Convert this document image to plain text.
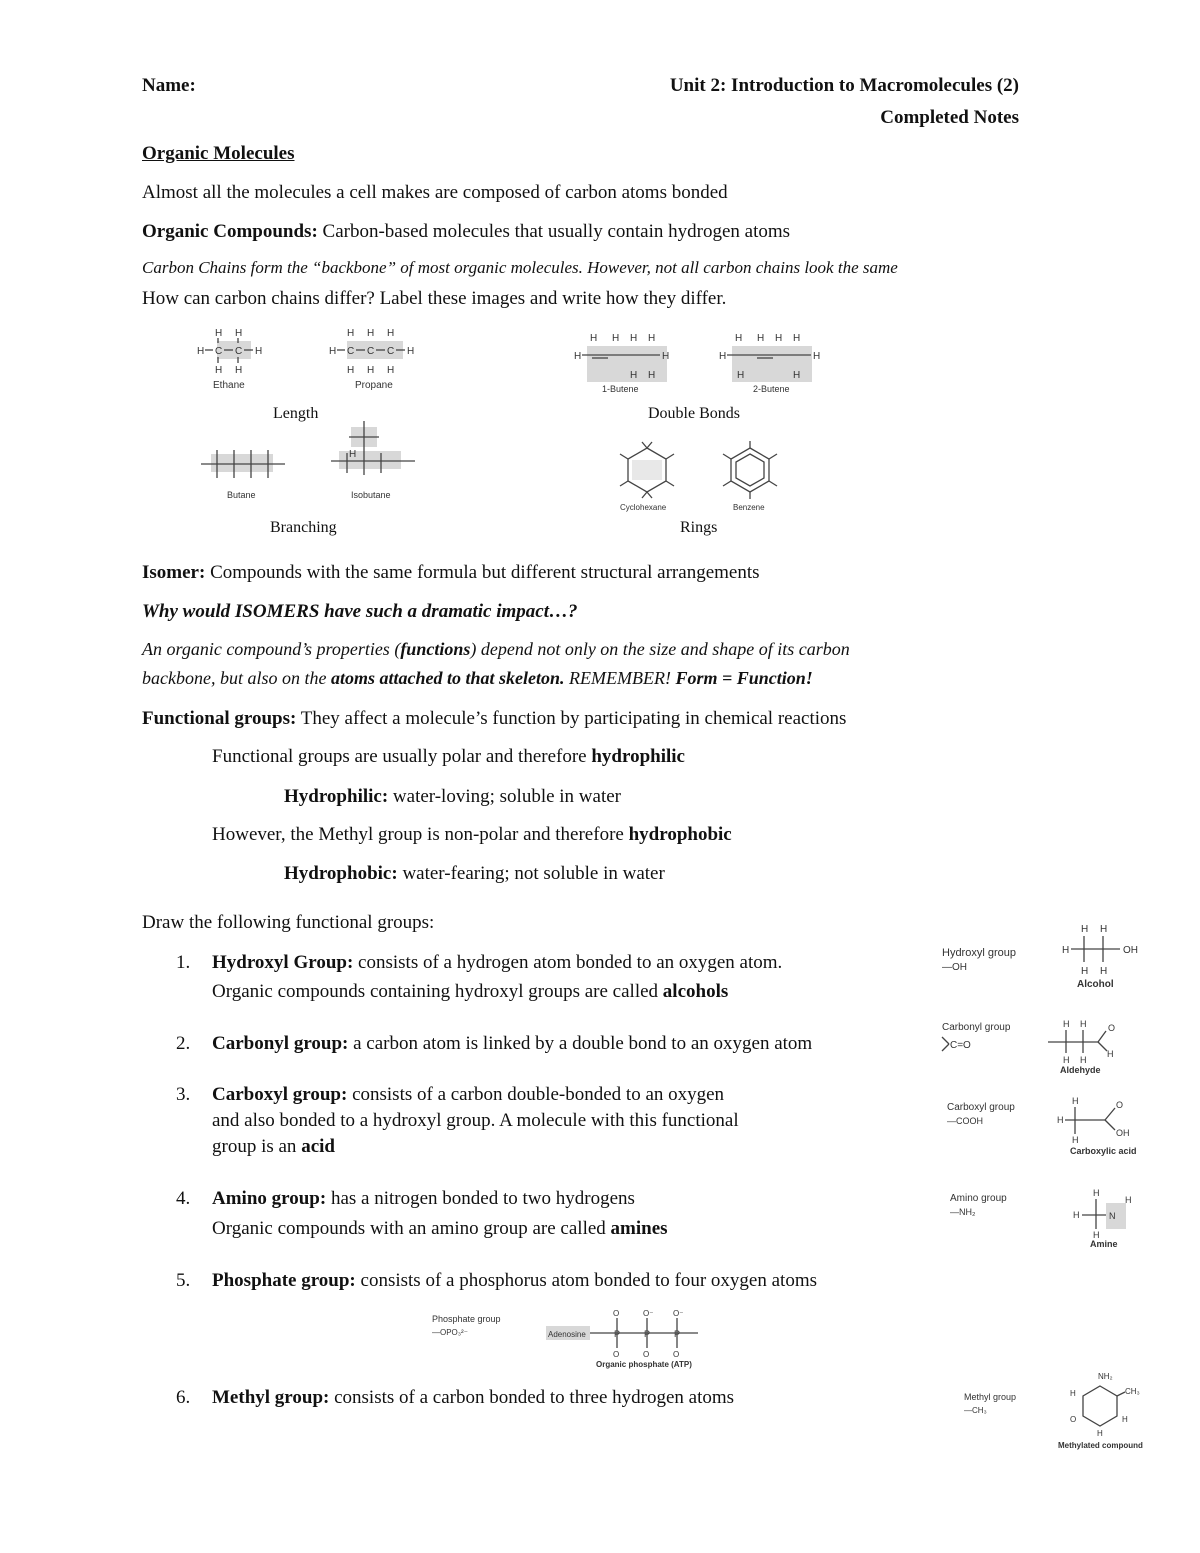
Name:	Unit 2: Introduction to Macromolecules (2)
Completed Notes
Organic Molecules
Almost all the molecules a cell makes are composed of carbon atoms bonded
Organic Compounds: Carbon-based molecules that usually contain hydrogen atoms
Carbon Chains form the “backbone” of most organic molecules. However, not all carbon chains look the same
How can carbon chains differ? Label these images and write how they differ.
H H
H C C H
H H
Ethane
H H H
H C C C H
H H H
Propane
H H H H
H	H
H H
1-Butene
H H H H
H	H
H	H
2-Butene
Length	Double Bonds
Butane
H
Isobutane
Cyclohexane	Benzene
Branching	Rings
Isomer: Compounds with the same formula but different structural arrangements
Why would ISOMERS have such a dramatic impact…?
An organic compound’s properties (functions) depend not only on the size and shape of its carbon
backbone, but also on the atoms attached to that skeleton. REMEMBER! Form = Function!
Functional groups: They affect a molecule’s function by participating in chemical reactions
Functional groups are usually polar and therefore hydrophilic
Hydrophilic: water-loving; soluble in water
However, the Methyl group is non-polar and therefore hydrophobic
Hydrophobic: water-fearing; not soluble in water
Draw the following functional groups:
1. Hydroxyl Group: consists of a hydrogen atom bonded to an oxygen atom.
Organic compounds containing hydroxyl groups are called alcohols
2. Carbonyl group: a carbon atom is linked by a double bond to an oxygen atom
3. Carboxyl group: consists of a carbon double-bonded to an oxygen
and also bonded to a hydroxyl group. A molecule with this functional
group is an acid
4. Amino group: has a nitrogen bonded to two hydrogens
Organic compounds with an amino group are called amines
5. Phosphate group: consists of a phosphorus atom bonded to four oxygen atoms
6. Methyl group: consists of a carbon bonded to three hydrogen atoms
Hydroxyl group
—OH
H H
H	OH
H H
Alcohol
Carbonyl group
C=O
H H O
H
H H
Aldehyde
Carboxyl group
—COOH
H
H
O
OH
H
Carboxylic acid
Amino group
—NH₂
H
H	N
H
H
Amine
Phosphate group
—OPO₃²⁻	Adenosine	P	P	P
O	O⁻ O⁻
O	O	O
Organic phosphate (ATP)
Methyl group
—CH₃
NH₂
CH₃
H
O	H
H
Methylated compound
